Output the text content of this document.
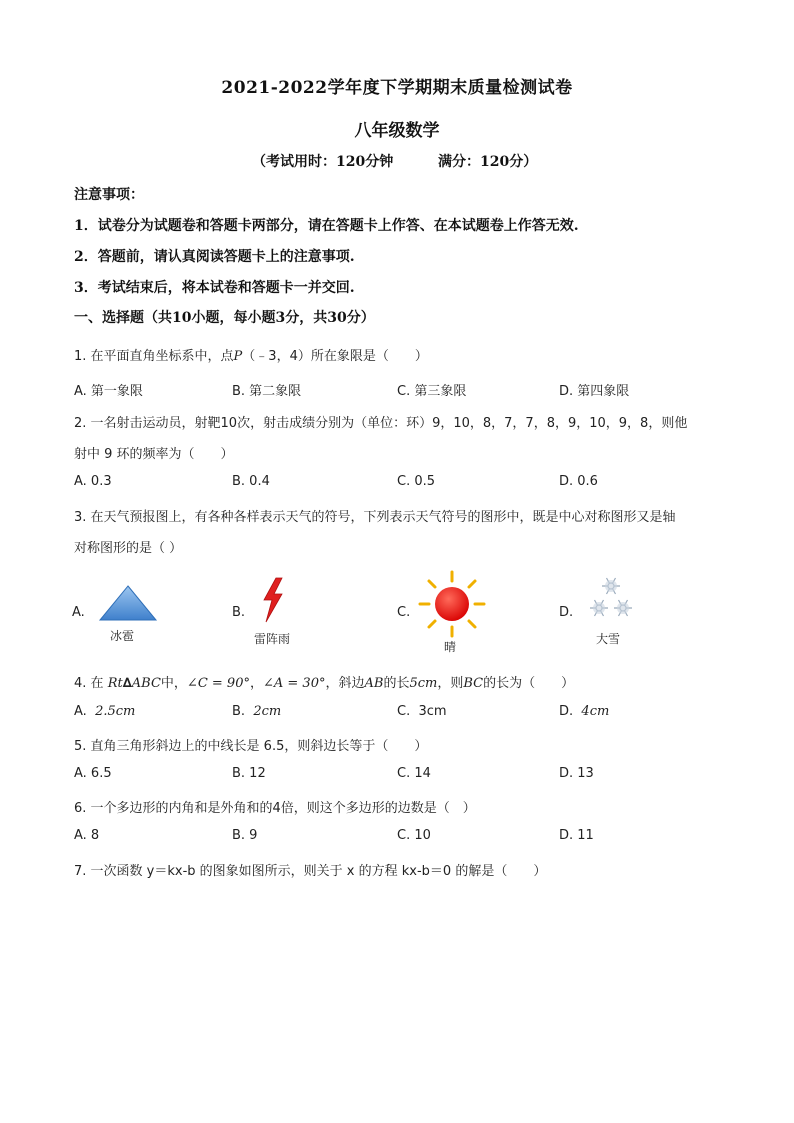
2021-2022学年度下学期期末质量检测试卷
八年级数学
（考试用时：120分钟	满分：120分）
注意事项：
1．试卷分为试题卷和答题卡两部分，请在答题卡上作答、在本试题卷上作答无效.
2．答题前，请认真阅读答题卡上的注意事项.
3．考试结束后，将本试卷和答题卡一并交回.
一、选择题（共10小题，每小题3分，共30分）
1. 在平面直角坐标系中，点P（﹣3，4）所在象限是（　　）
A. 第一象限	B. 第二象限	C. 第三象限	D. 第四象限
2. 一名射击运动员，射靶10次，射击成绩分别为（单位：环）9，10，8，7，7，8，9，10，9，8，则他
射中 9 环的频率为（　　）
A. 0.3	B. 0.4	C. 0.5	D. 0.6
3. 在天气预报图上，有各种各样表示天气的符号，下列表示天气符号的图形中，既是中心对称图形又是轴
对称图形的是（ ）
A.	B.	C.	D.
冰雹	雷阵雨
晴
大雪
4. 在 Rt∆ABC中，∠C = 90°，∠A = 30°，斜边AB的长5cm，则BC的长为（　　）
A. 2.5cm	B. 2cm	C. 3cm	D. 4cm
5. 直角三角形斜边上的中线长是 6.5，则斜边长等于（　　）
A. 6.5	B. 12	C. 14	D. 13
6. 一个多边形的内角和是外角和的4倍，则这个多边形的边数是（　）
A. 8	B. 9	C. 10	D. 11
7. 一次函数 y＝kx-b 的图象如图所示，则关于 x 的方程 kx-b＝0 的解是（　　）
